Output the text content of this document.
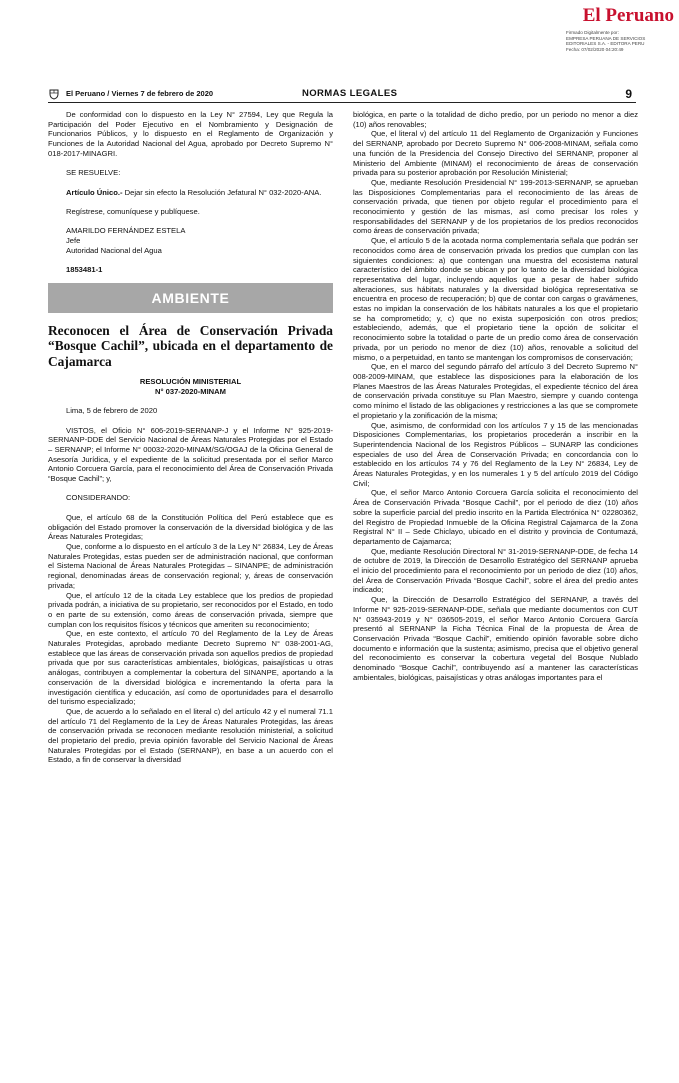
El Peruano
Firmado Digitalmente por:
EMPRESA PERUANA DE SERVICIOS
EDITORIALES S.A. - EDITORA PERU
Fecha: 07/02/2020 04:20:49
El Peruano / Viernes 7 de febrero de 2020	NORMAS LEGALES	9

De conformidad con lo dispuesto en la Ley N° 27594, Ley que Regula la Participación del Poder Ejecutivo en el Nombramiento y Designación de Funcionarios Públicos, y lo dispuesto en el Reglamento de Organización y Funciones de la Autoridad Nacional del Agua, aprobado por Decreto Supremo N° 018-2017-MINAGRI.

SE RESUELVE:

Artículo Único.- Dejar sin efecto la Resolución Jefatural N° 032-2020-ANA.

Regístrese, comuníquese y publíquese.

AMARILDO FERNÁNDEZ ESTELA

Jefe

Autoridad Nacional del Agua

1853481-1

AMBIENTE
Reconocen el Área de Conservación Privada “Bosque Cachil”, ubicada en el departamento de Cajamarca
RESOLUCIÓN MINISTERIAL
N° 037-2020-MINAM

Lima, 5 de febrero de 2020

VISTOS, el Oficio N° 606-2019-SERNANP-J y el Informe N° 925-2019-SERNANP-DDE del Servicio Nacional de Áreas Naturales Protegidas por el Estado – SERNANP; el Informe N° 00032-2020-MINAM/SG/OGAJ de la Oficina General de Asesoría Jurídica, y el expediente de la solicitud presentada por el señor Marco Antonio Corcuera García, para el reconocimiento del Área de Conservación Privada “Bosque Cachil”; y,

CONSIDERANDO:

Que, el artículo 68 de la Constitución Política del Perú establece que es obligación del Estado promover la conservación de la diversidad biológica y de las Áreas Naturales Protegidas;

Que, conforme a lo dispuesto en el artículo 3 de la Ley N° 26834, Ley de Áreas Naturales Protegidas, estas pueden ser de administración nacional, que conforman el Sistema Nacional de Áreas Naturales Protegidas – SINANPE; de administración regional, denominadas áreas de conservación regional; y, áreas de conservación privada;

Que, el artículo 12 de la citada Ley establece que los predios de propiedad privada podrán, a iniciativa de su propietario, ser reconocidos por el Estado, en todo o en parte de su extensión, como áreas de conservación privada, siempre que cumplan con los requisitos físicos y técnicos que ameriten su reconocimiento;

Que, en este contexto, el artículo 70 del Reglamento de la Ley de Áreas Naturales Protegidas, aprobado mediante Decreto Supremo N° 038-2001-AG, establece que las áreas de conservación privada son aquellos predios de propiedad privada que por sus características ambientales, biológicas, paisajísticas u otras análogas, contribuyen a complementar la cobertura del SINANPE, aportando a la conservación de la diversidad biológica e incrementando la oferta para la investigación científica y educación, así como de oportunidades para el desarrollo del turismo especializado;

Que, de acuerdo a lo señalado en el literal c) del artículo 42 y el numeral 71.1 del artículo 71 del Reglamento de la Ley de Áreas Naturales Protegidas, las áreas de conservación privada se reconocen mediante resolución ministerial, a solicitud del propietario del predio, previa opinión favorable del Servicio Nacional de Áreas Naturales Protegidas por el Estado (SERNANP), en base a un acuerdo con el Estado, a fin de conservar la diversidad

biológica, en parte o la totalidad de dicho predio, por un periodo no menor a diez (10) años renovables;

Que, el literal v) del artículo 11 del Reglamento de Organización y Funciones del SERNANP, aprobado por Decreto Supremo N° 006-2008-MINAM, señala como una función de la Presidencia del Consejo Directivo del SERNANP, proponer al Ministerio del Ambiente (MINAM) el reconocimiento de áreas de conservación privada para su posterior aprobación por Resolución Ministerial;

Que, mediante Resolución Presidencial N° 199-2013-SERNANP, se aprueban las Disposiciones Complementarias para el reconocimiento de las áreas de conservación privada, que tienen por objeto regular el procedimiento para el reconocimiento y gestión de las mismas, así como precisar los roles y responsabilidades del SERNANP y de los propietarios de los predios reconocidos como áreas de conservación privada;

Que, el artículo 5 de la acotada norma complementaria señala que podrán ser reconocidos como área de conservación privada los predios que cumplan con las siguientes condiciones: a) que contengan una muestra del ecosistema natural característico del ámbito donde se ubican y por lo tanto de la diversidad biológica representativa del lugar, incluyendo aquellos que a pesar de haber sufrido alteraciones, sus hábitats naturales y la diversidad biológica representativa se encuentra en proceso de recuperación; b) que de contar con cargas o gravámenes, estas no impidan la conservación de los hábitats naturales a los que el propietario se ha comprometido; y, c) que no exista superposición con otros predios; estableciendo, además, que el propietario tiene la opción de solicitar el reconocimiento sobre la totalidad o parte de un predio como área de conservación privada, por un periodo no menor de diez (10) años, renovable a solicitud del mismo, o a perpetuidad, en tanto se mantengan los compromisos de conservación;

Que, en el marco del segundo párrafo del artículo 3 del Decreto Supremo N° 008-2009-MINAM, que establece las disposiciones para la elaboración de los Planes Maestros de las Áreas Naturales Protegidas, el expediente técnico del área de conservación privada constituye su Plan Maestro, siempre y cuando contenga como mínimo el listado de las obligaciones y restricciones a las que se compromete el propietario y la zonificación de la misma;

Que, asimismo, de conformidad con los artículos 7 y 15 de las mencionadas Disposiciones Complementarias, los propietarios procederán a inscribir en la Superintendencia Nacional de los Registros Públicos – SUNARP las condiciones especiales de uso del Área de Conservación Privada; en concordancia con lo establecido en los artículos 74 y 76 del Reglamento de la Ley N° 26834, Ley de Áreas Naturales Protegidas, y en los numerales 1 y 5 del artículo 2019 del Código Civil;

Que, el señor Marco Antonio Corcuera García solicita el reconocimiento del Área de Conservación Privada “Bosque Cachil”, por el periodo de diez (10) años sobre la superficie parcial del predio inscrito en la Partida Electrónica N° 02280362, del Registro de Propiedad Inmueble de la Oficina Registral Cajamarca de la Zona Registral N° II – Sede Chiclayo, ubicado en el distrito y provincia de Contumazá, departamento de Cajamarca;

Que, mediante Resolución Directoral N° 31-2019-SERNANP-DDE, de fecha 14 de octubre de 2019, la Dirección de Desarrollo Estratégico del SERNANP aprueba el inicio del procedimiento para el reconocimiento por un periodo de diez (10) años, del Área de Conservación Privada “Bosque Cachil”, sobre el área del predio antes indicado;

Que, la Dirección de Desarrollo Estratégico del SERNANP, a través del Informe N° 925-2019-SERNANP-DDE, señala que mediante documentos con CUT N° 035943-2019 y N° 036505-2019, el señor Marco Antonio Corcuera García presentó al SERNANP la Ficha Técnica Final de la propuesta de Área de Conservación Privada “Bosque Cachil”, emitiendo opinión favorable sobre dicho documento e información que la sustenta; asimismo, precisa que el objetivo general del reconocimiento es conservar la cobertura vegetal del Bosque Nublado denominado “Bosque Cachil”, contribuyendo así a mantener las características ambientales, biológicas, paisajísticas y otras análogas importantes para el
